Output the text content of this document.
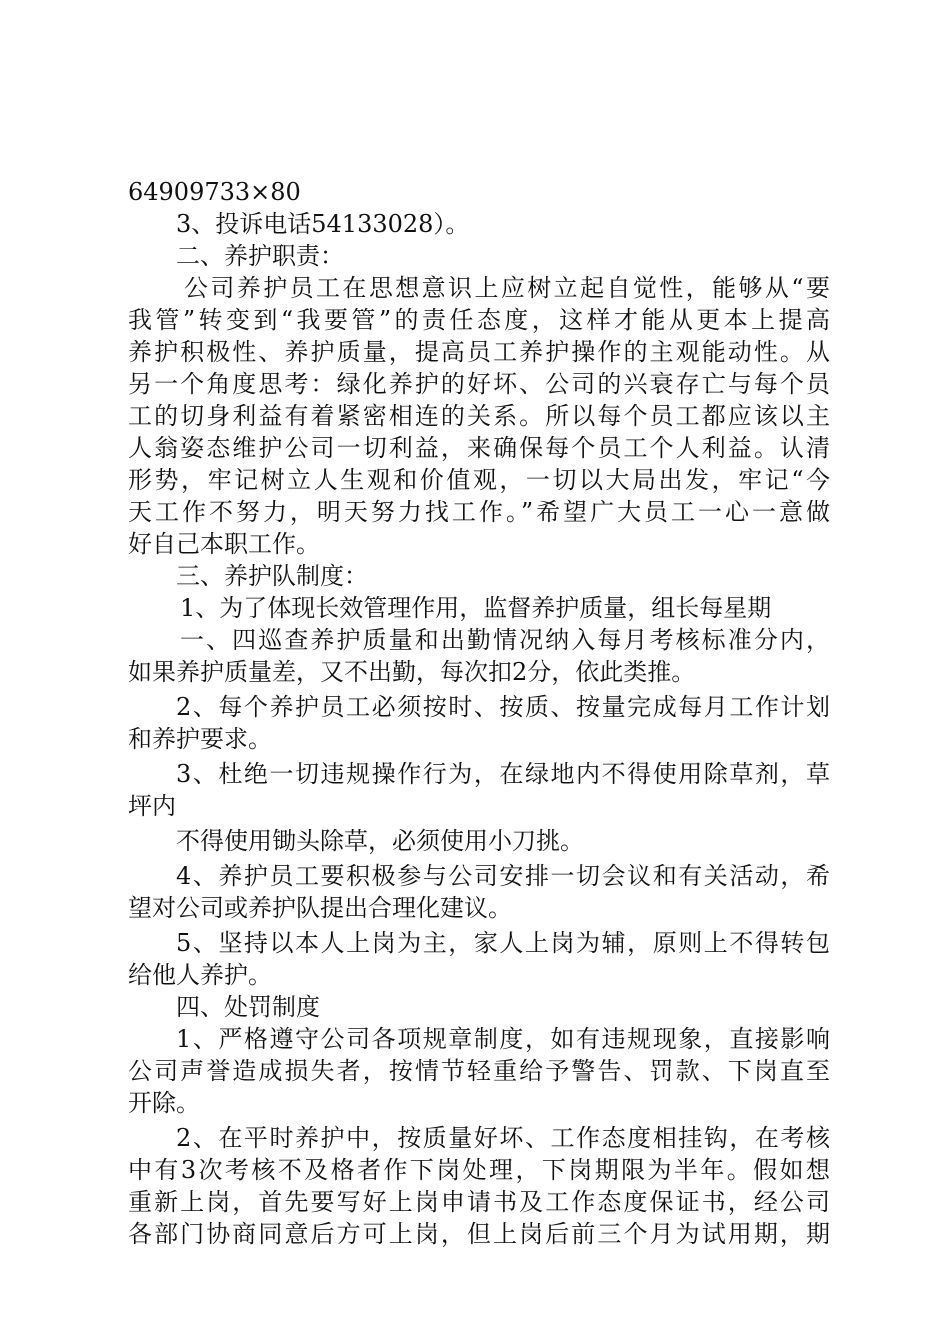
64909733×80
3、投诉电话54133028）。
二、养护职责：
公司养护员工在思想意识上应树立起自觉性，能够从“要
我管”转变到“我要管”的责任态度，这样才能从更本上提高
养护积极性、养护质量，提高员工养护操作的主观能动性。从
另一个角度思考：绿化养护的好坏、公司的兴衰存亡与每个员
工的切身利益有着紧密相连的关系。所以每个员工都应该以主
人翁姿态维护公司一切利益，来确保每个员工个人利益。认清
形势，牢记树立人生观和价值观，一切以大局出发，牢记“今
天工作不努力，明天努力找工作。”希望广大员工一心一意做
好自己本职工作。
三、养护队制度：
1、为了体现长效管理作用，监督养护质量，组长每星期
一、四巡查养护质量和出勤情况纳入每月考核标准分内，
如果养护质量差，又不出勤，每次扣2分，依此类推。
2、每个养护员工必须按时、按质、按量完成每月工作计划
和养护要求。
3、杜绝一切违规操作行为，在绿地内不得使用除草剂，草
坪内
不得使用锄头除草，必须使用小刀挑。
4、养护员工要积极参与公司安排一切会议和有关活动，希
望对公司或养护队提出合理化建议。
5、坚持以本人上岗为主，家人上岗为辅，原则上不得转包
给他人养护。
四、处罚制度
1、严格遵守公司各项规章制度，如有违规现象，直接影响
公司声誉造成损失者，按情节轻重给予警告、罚款、下岗直至
开除。
2、在平时养护中，按质量好坏、工作态度相挂钩，在考核
中有3次考核不及格者作下岗处理，下岗期限为半年。假如想
重新上岗，首先要写好上岗申请书及工作态度保证书，经公司
各部门协商同意后方可上岗，但上岗后前三个月为试用期，期
